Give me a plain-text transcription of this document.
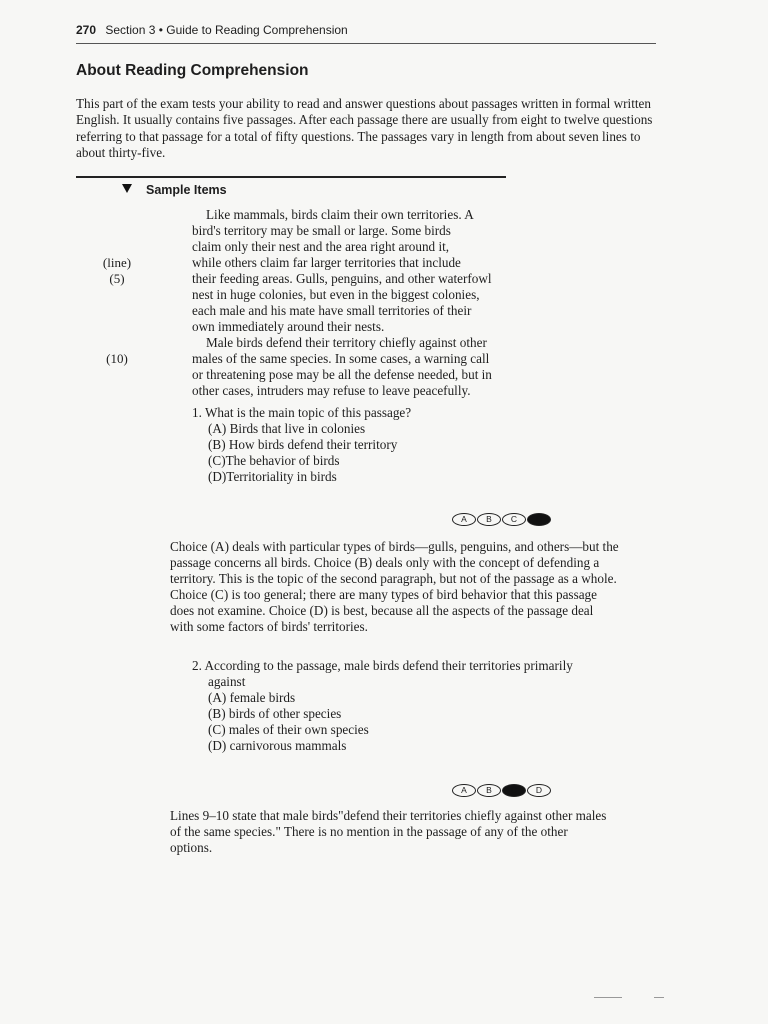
270 Section 3 • Guide to Reading Comprehension
About Reading Comprehension
This part of the exam tests your ability to read and answer questions about passages written in formal written English. It usually contains five passages. After each passage there are usually from eight to twelve questions referring to that passage for a total of fifty questions. The passages vary in length from about seven lines to about thirty-five.
Sample Items
Like mammals, birds claim their own territories. A
bird's territory may be small or large. Some birds
claim only their nest and the area right around it,
while others claim far larger territories that include
their feeding areas. Gulls, penguins, and other waterfowl
nest in huge colonies, but even in the biggest colonies,
each male and his mate have small territories of their
own immediately around their nests.
Male birds defend their territory chiefly against other
males of the same species. In some cases, a warning call
or threatening pose may be all the defense needed, but in
other cases, intruders may refuse to leave peacefully.
(line)
(5)
(10)
1. What is the main topic of this passage?
(A) Birds that live in colonies
(B) How birds defend their territory
(C)The behavior of birds
(D)Territoriality in birds
A	B	C	D
Choice (A) deals with particular types of birds—gulls, penguins, and others—but the passage concerns all birds. Choice (B) deals only with the concept of defending a territory. This is the topic of the second paragraph, but not of the passage as a whole. Choice (C) is too general; there are many types of bird behavior that this passage does not examine. Choice (D) is best, because all the aspects of the passage deal with some factors of birds' territories.
2. According to the passage, male birds defend their territories primarily
against
(A) female birds
(B) birds of other species
(C) males of their own species
(D) carnivorous mammals
A	B	C	D
Lines 9–10 state that male birds"defend their territories chiefly against other males of the same species." There is no mention in the passage of any of the other options.
